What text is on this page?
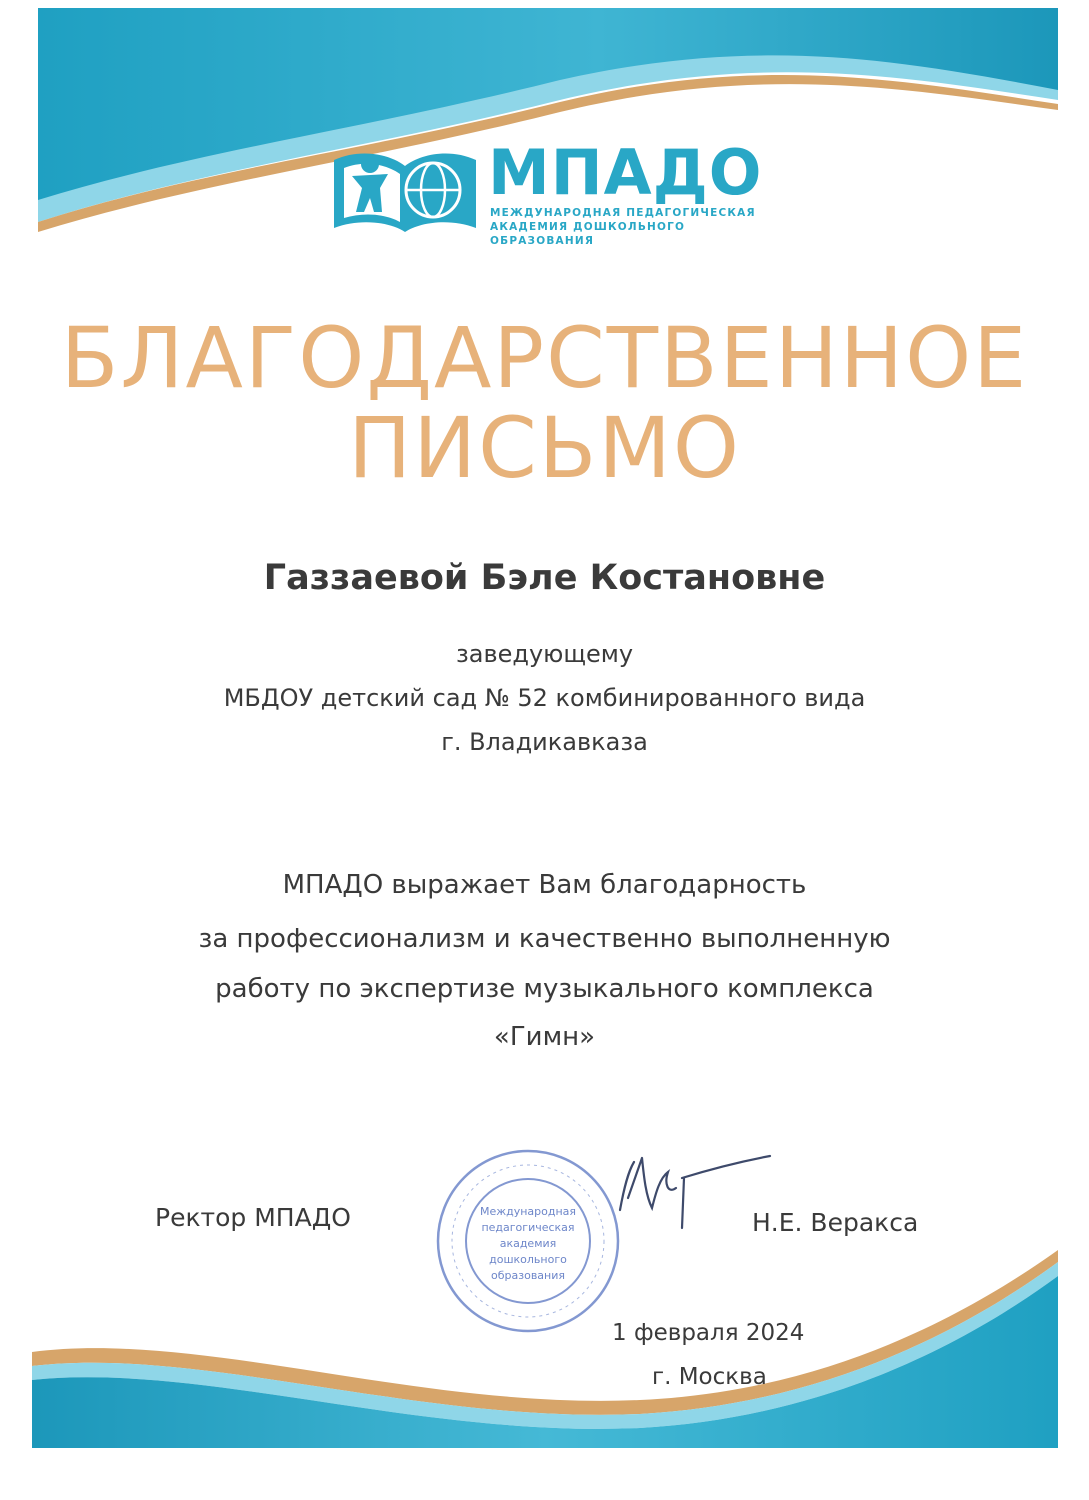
МПАДО
МЕЖДУНАРОДНАЯ ПЕДАГОГИЧЕСКАЯ
АКАДЕМИЯ ДОШКОЛЬНОГО ОБРАЗОВАНИЯ
БЛАГОДАРСТВЕННОЕ
ПИСЬМО
Газзаевой Бэле Костановне
заведующему
МБДОУ детский сад № 52 комбинированного вида
г. Владикавказа
МПАДО выражает Вам благодарность
за профессионализм и качественно выполненную
работу по экспертизе музыкального комплекса
«Гимн»
Ректор МПАДО	Международная
педагогическая
академия
дошкольного
образования
Н.Е. Веракса
1 февраля 2024
г. Москва
